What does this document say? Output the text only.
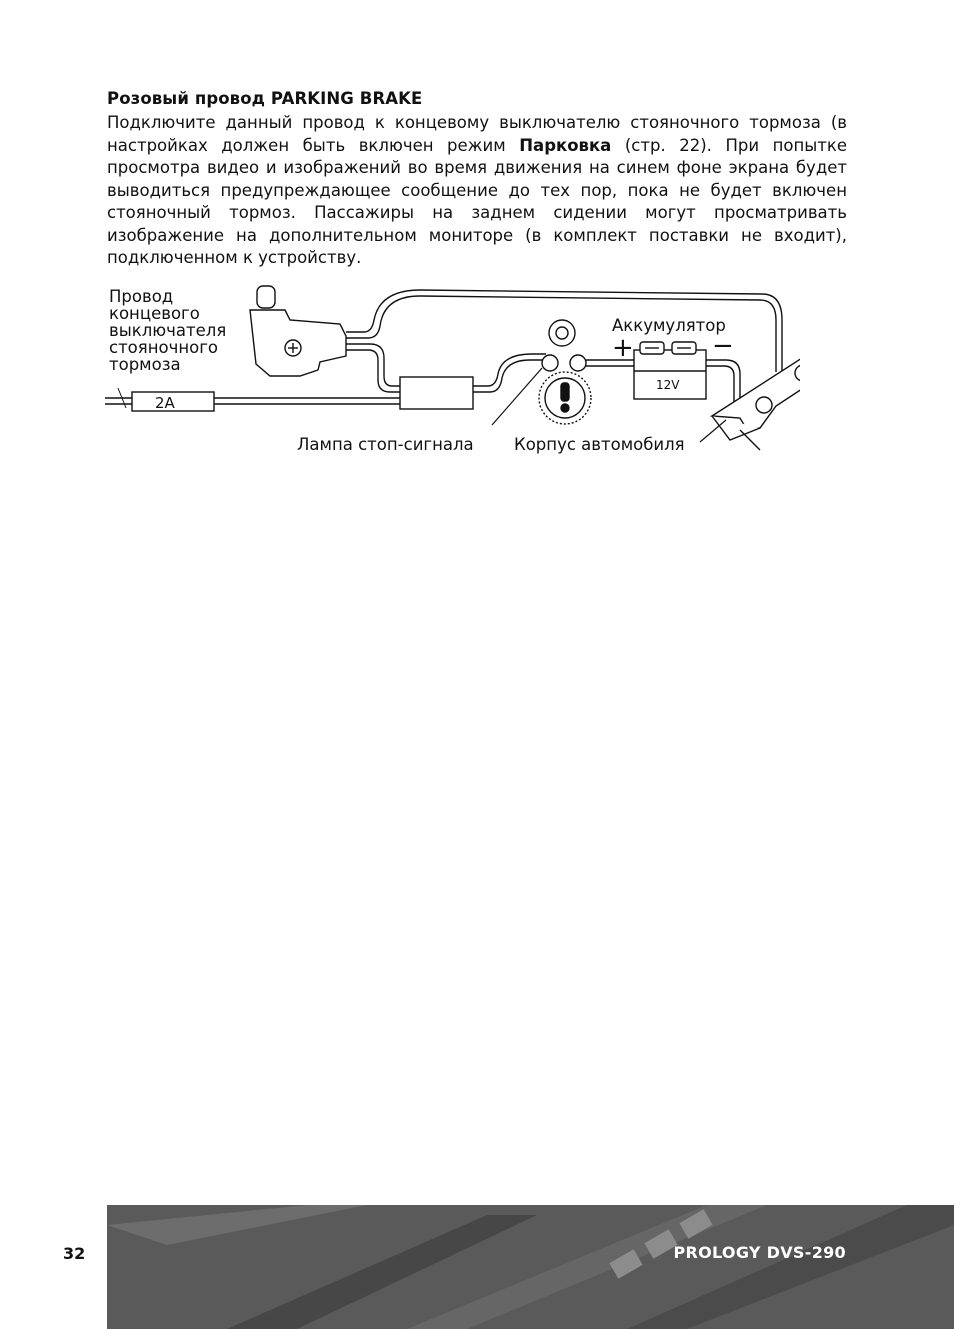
Розовый провод PARKING BRAKE
Подключите данный провод к концевому выключателю стояночного тормоза (в настройках должен быть включен режим Парковка (стр. 22). При попытке просмотра видео и изображений во время движения на синем фоне экрана будет выводиться предупреждающее сообщение до тех пор, пока не будет включен стояночный тормоз. Пассажиры на заднем сидении могут просматривать изображение на дополнительном мониторе (в комплект поставки не входит), подключенном к устройству.
Провод
концевого
выключателя
стояночного
тормоза
2A
Аккумулятор
+	−
12V
Лампа стоп-сигнала Корпус автомобиля
32	PROLOGY DVS-290
